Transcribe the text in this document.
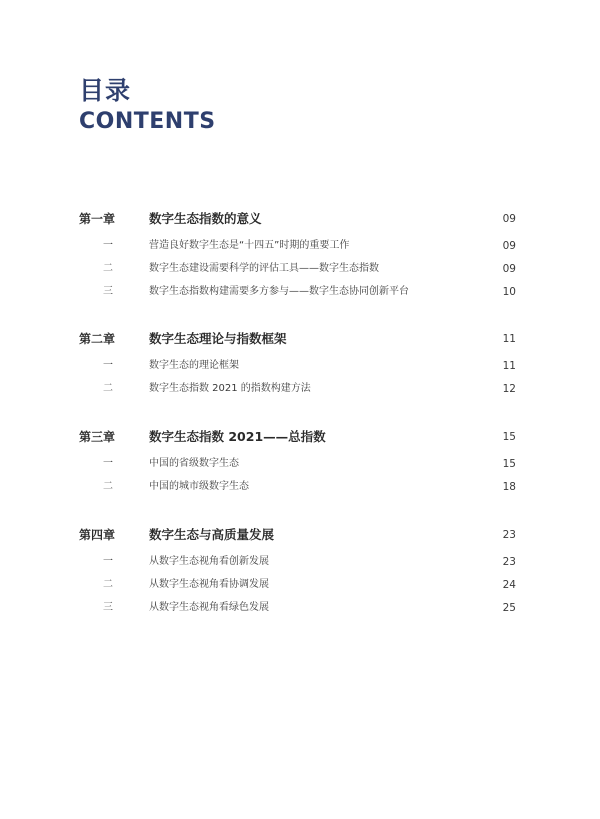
目录
CONTENTS
第一章	数字生态指数的意义	09
一	营造良好数字生态是“十四五”时期的重要工作	09
二	数字生态建设需要科学的评估工具——数字生态指数	09
三	数字生态指数构建需要多方参与——数字生态协同创新平台	10
第二章	数字生态理论与指数框架	11
一	数字生态的理论框架	11
二	数字生态指数 2021 的指数构建方法	12
第三章	数字生态指数 2021——总指数	15
一	中国的省级数字生态	15
二	中国的城市级数字生态	18
第四章	数字生态与高质量发展	23
一	从数字生态视角看创新发展	23
二	从数字生态视角看协调发展	24
三	从数字生态视角看绿色发展	25
